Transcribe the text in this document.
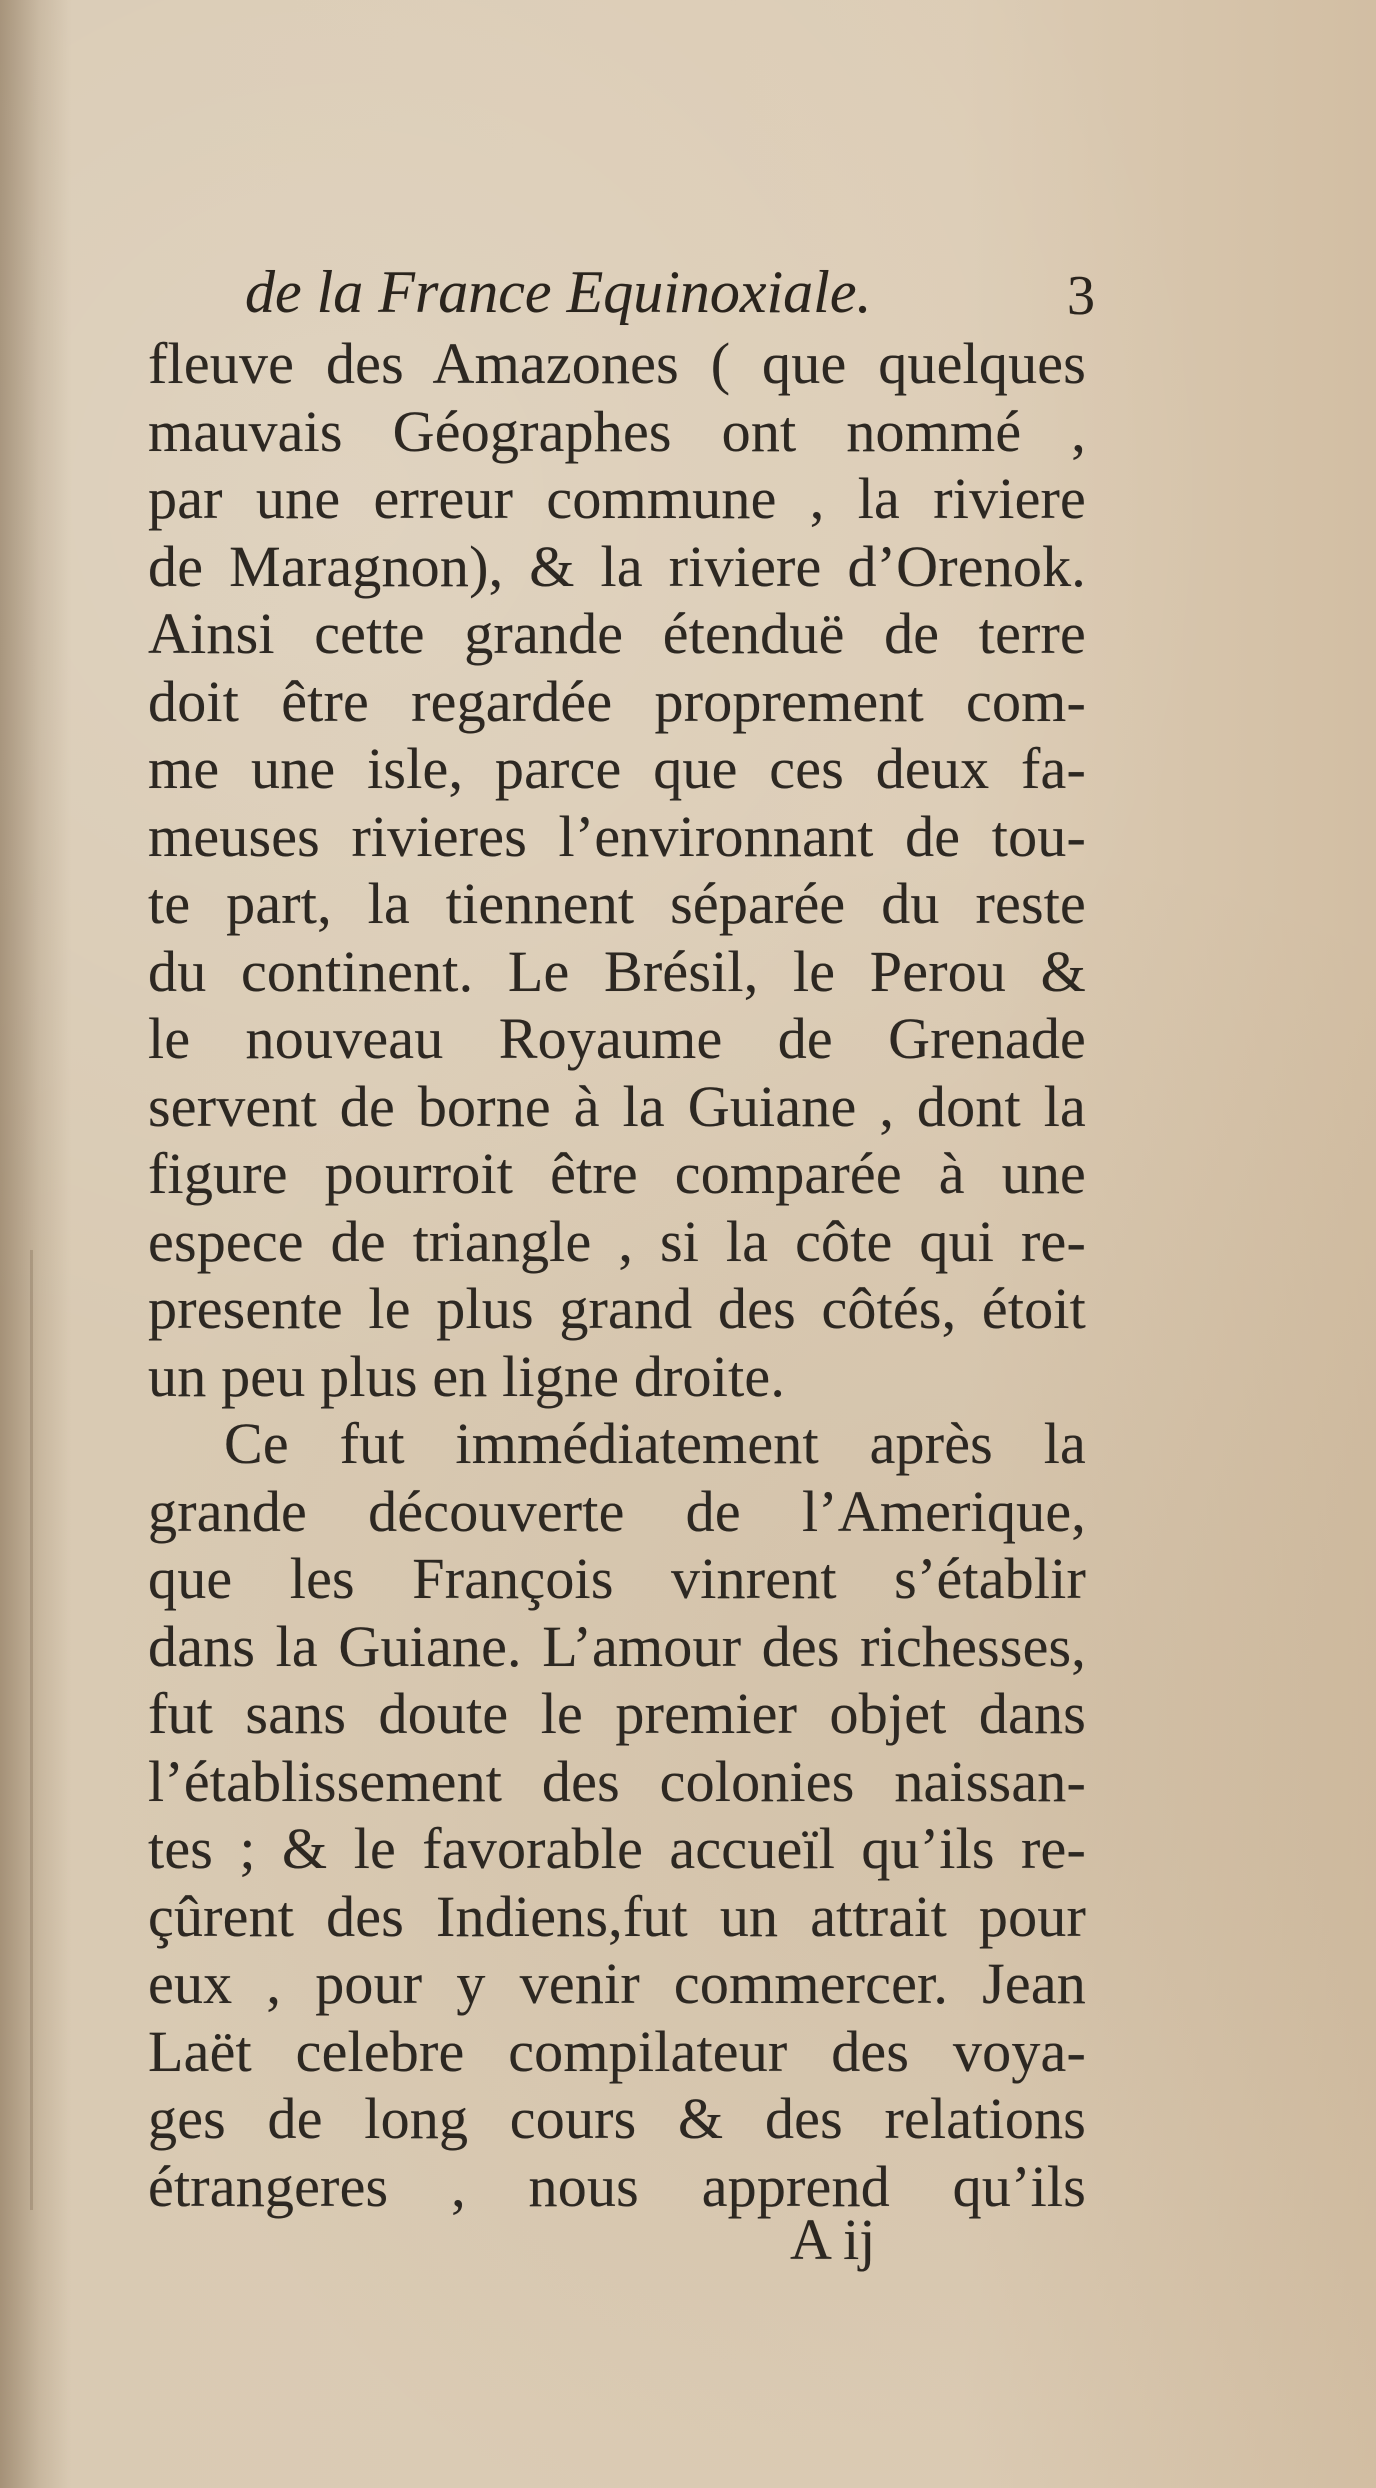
de la France Equinoxiale.	3
fleuve des Amazones ( que quelques
mauvais Géographes ont nommé ,
par une erreur commune , la riviere
de Maragnon), & la riviere d’Orenok.
Ainsi cette grande étenduë de terre
doit être regardée proprement com-
me une isle, parce que ces deux fa-
meuses rivieres l’environnant de tou-
te part, la tiennent séparée du reste
du continent. Le Brésil, le Perou &
le nouveau Royaume de Grenade
servent de borne à la Guiane , dont la
figure pourroit être comparée à une
espece de triangle , si la côte qui re-
presente le plus grand des côtés, étoit
un peu plus en ligne droite.
Ce fut immédiatement après la
grande découverte de l’Amerique,
que les François vinrent s’établir
dans la Guiane. L’amour des richesses,
fut sans doute le premier objet dans
l’établissement des colonies naissan-
tes ; & le favorable accueïl qu’ils re-
çûrent des Indiens,fut un attrait pour
eux , pour y venir commercer. Jean
Laët celebre compilateur des voya-
ges de long cours & des relations
étrangeres , nous apprend qu’ils
A ij
